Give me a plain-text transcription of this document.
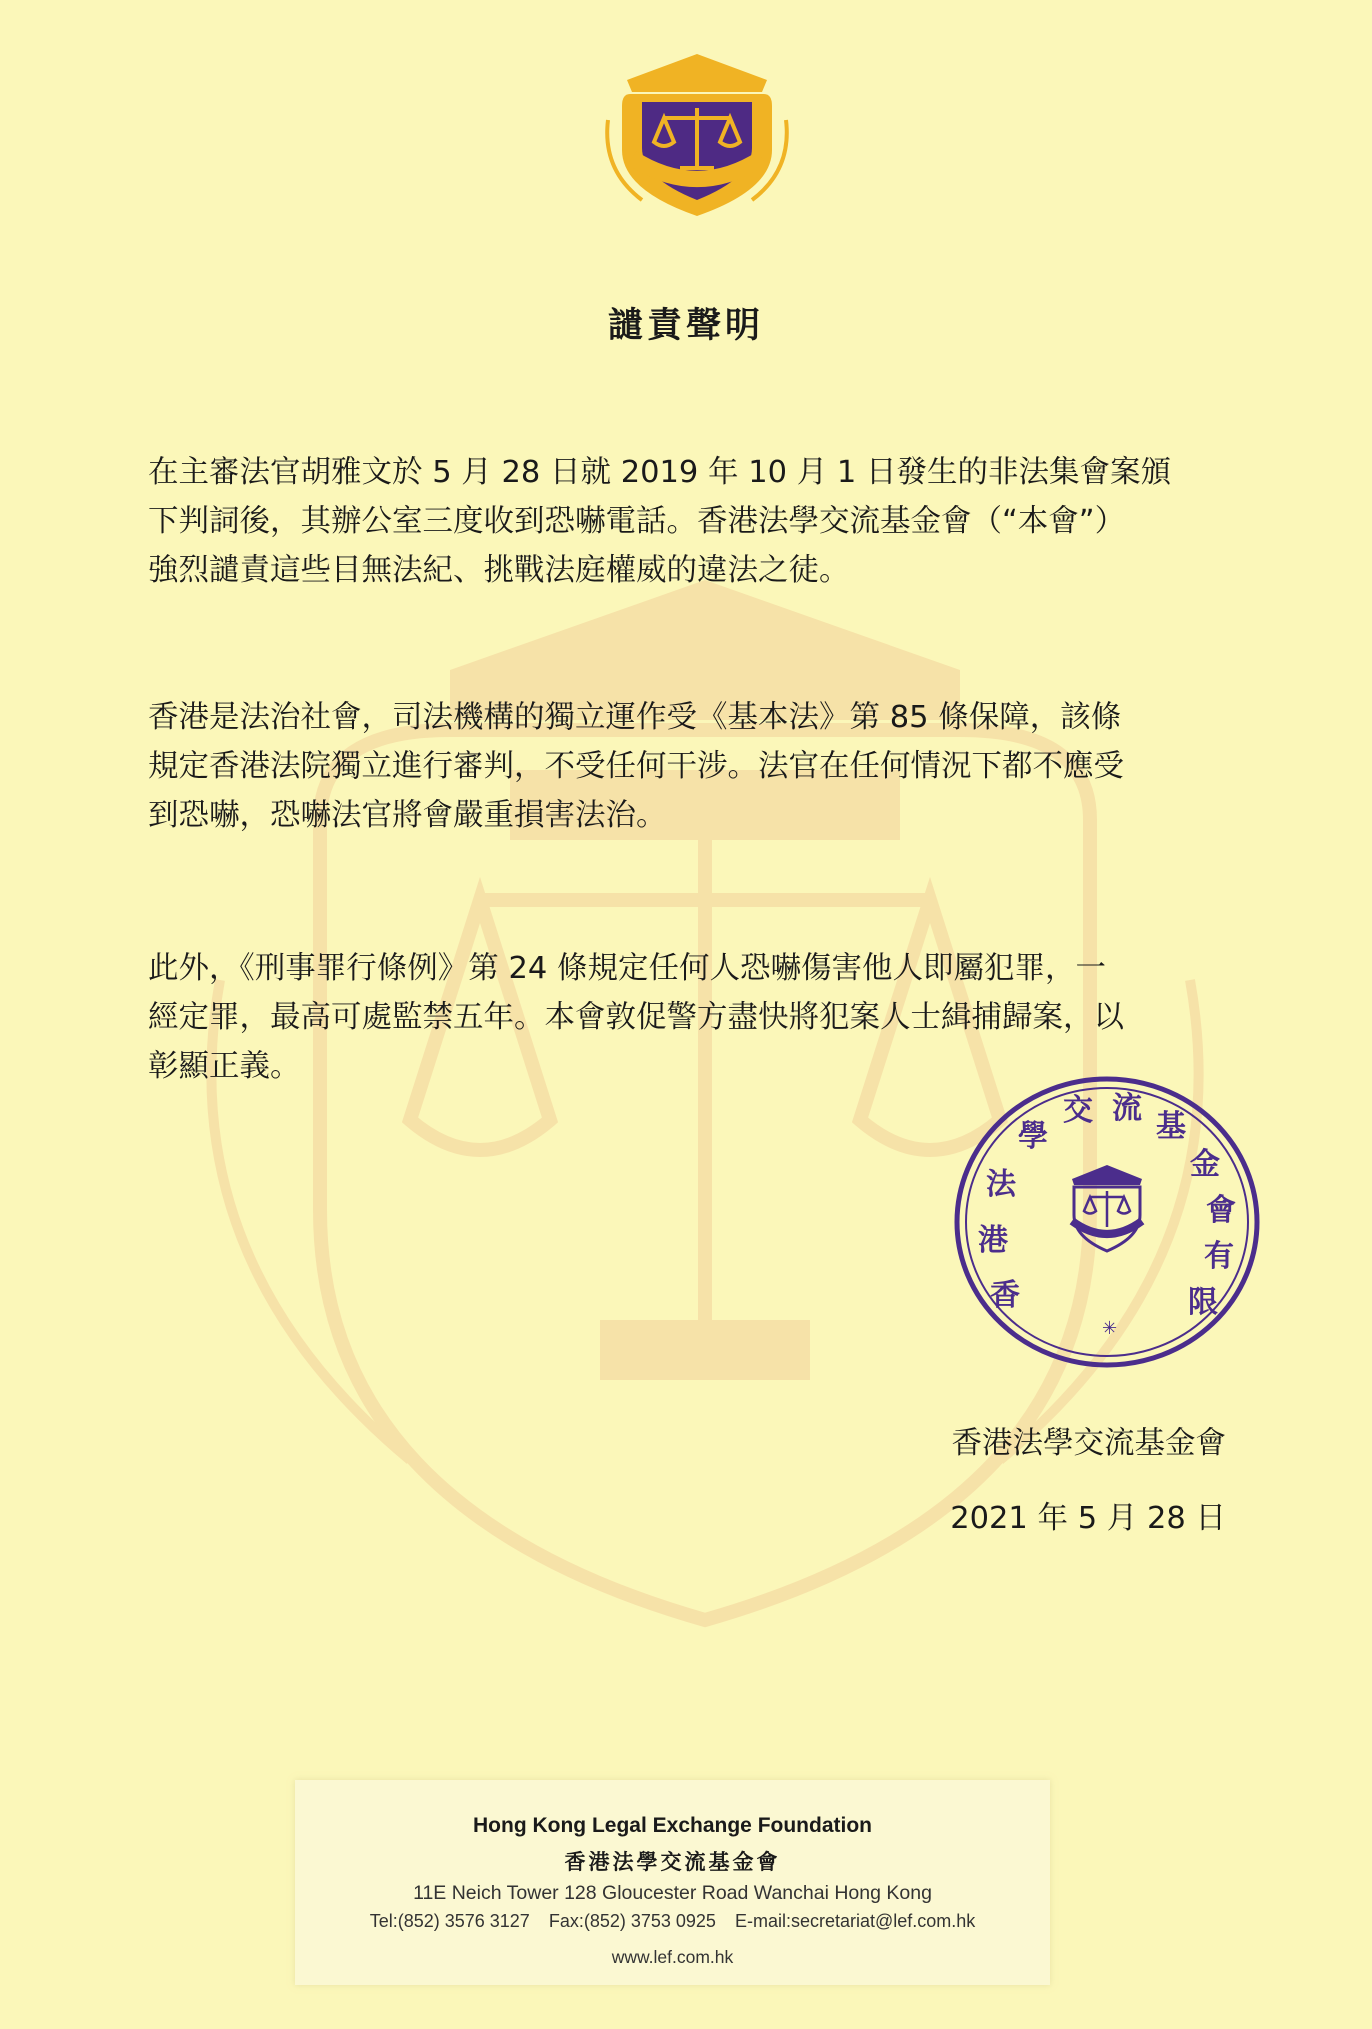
譴責聲明

在主審法官胡雅文於 5 月 28 日就 2019 年 10 月 1 日發生的非法集會案頒
下判詞後，其辦公室三度收到恐嚇電話。香港法學交流基金會（“本會”）
強烈譴責這些目無法紀、挑戰法庭權威的違法之徒。

香港是法治社會，司法機構的獨立運作受《基本法》第 85 條保障，該條
規定香港法院獨立進行審判，不受任何干涉。法官在任何情況下都不應受
到恐嚇，恐嚇法官將會嚴重損害法治。

此外，《刑事罪行條例》第 24 條規定任何人恐嚇傷害他人即屬犯罪，一
經定罪，最高可處監禁五年。本會敦促警方盡快將犯案人士緝捕歸案，以
彰顯正義。

香
港
法
學
交 流
基
金
會
有
限
✳
香港法學交流基金會
2021 年 5 月 28 日
Hong Kong Legal Exchange Foundation
香港法學交流基金會
11E Neich Tower 128 Gloucester Road Wanchai Hong Kong
Tel:(852) 3576 3127 Fax:(852) 3753 0925 E-mail:secretariat@lef.com.hk
www.lef.com.hk
